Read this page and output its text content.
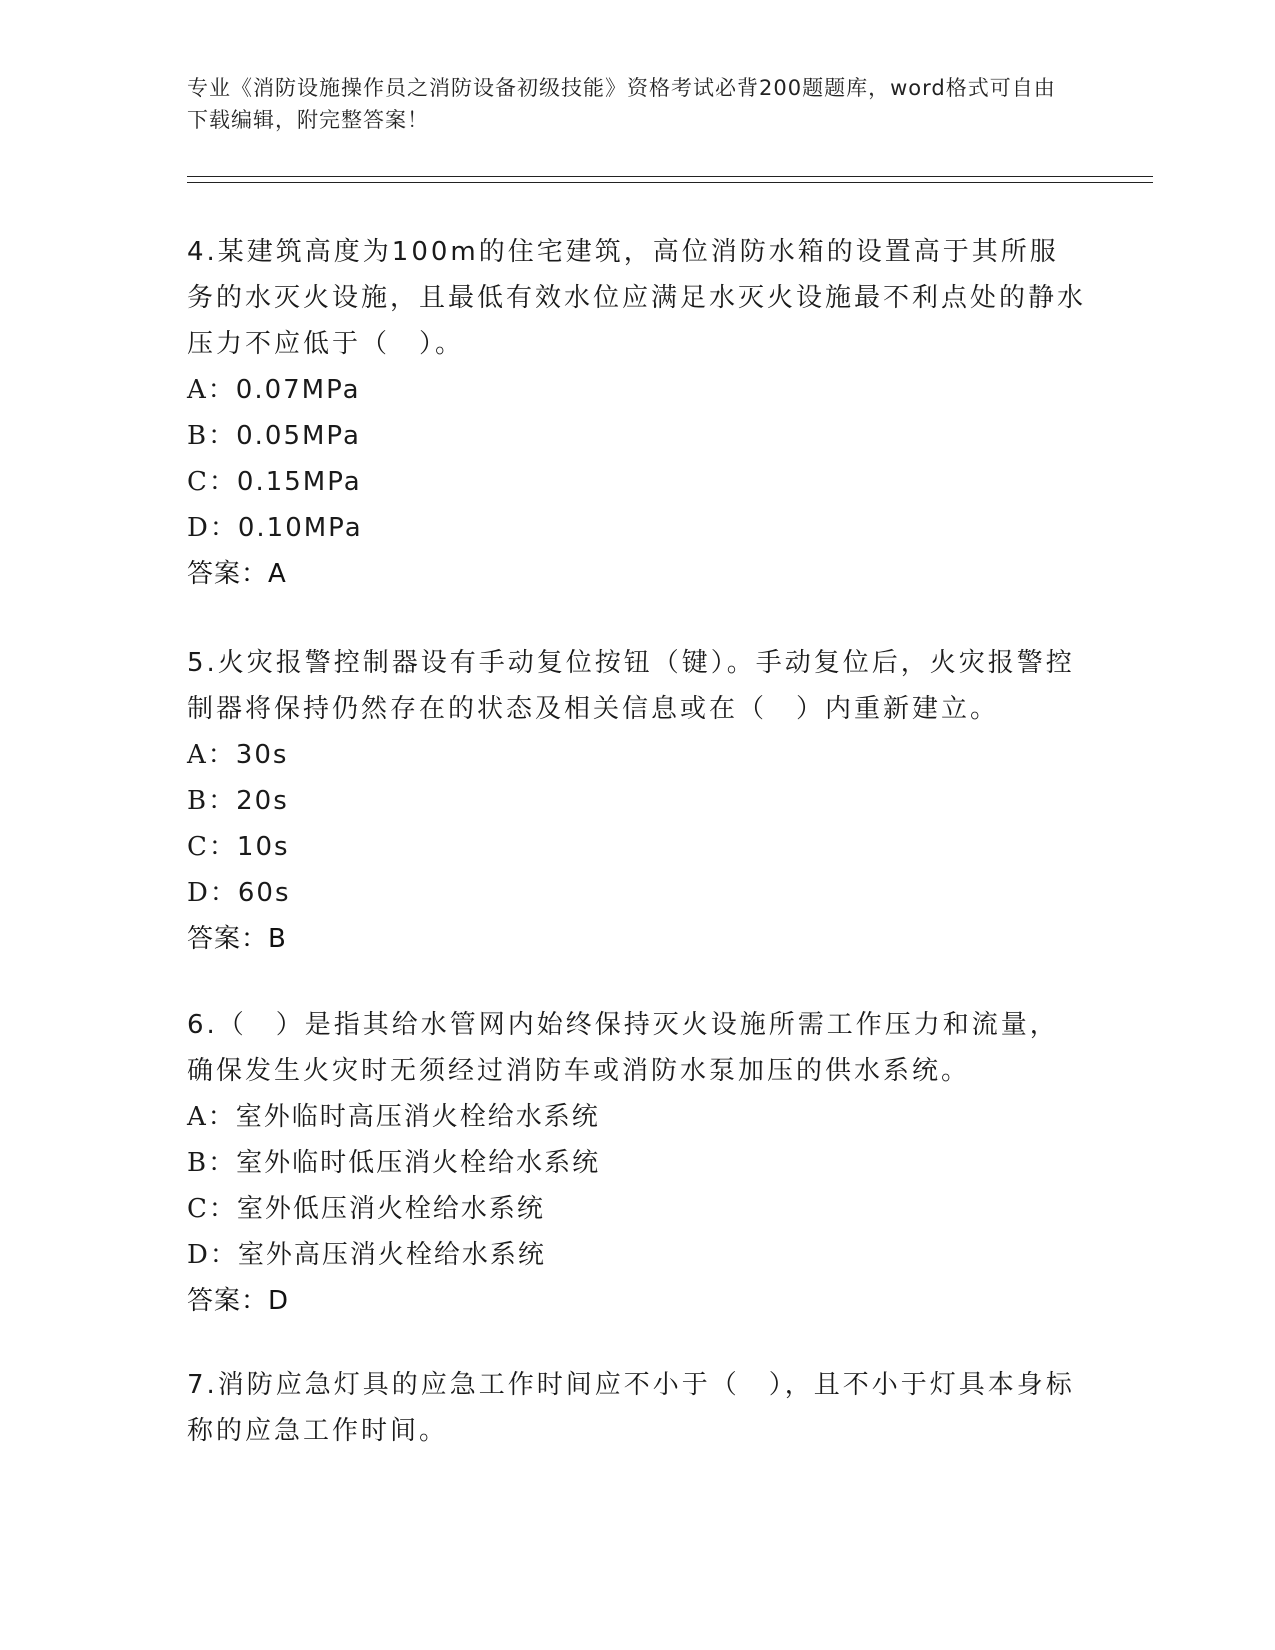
专业《消防设施操作员之消防设备初级技能》资格考试必背200题题库，word格式可自由下载编辑，附完整答案！

4.某建筑高度为100m的住宅建筑，高位消防水箱的设置高于其所服务的水灭火设施，且最低有效水位应满足水灭火设施最不利点处的静水压力不应低于（　）。

A：0.07MPa

B：0.05MPa

C：0.15MPa

D：0.10MPa

答案：A

5.火灾报警控制器设有手动复位按钮（键）。手动复位后，火灾报警控制器将保持仍然存在的状态及相关信息或在（　）内重新建立。

A：30s

B：20s

C：10s

D：60s

答案：B

6.（　）是指其给水管网内始终保持灭火设施所需工作压力和流量，确保发生火灾时无须经过消防车或消防水泵加压的供水系统。

A：室外临时高压消火栓给水系统

B：室外临时低压消火栓给水系统

C：室外低压消火栓给水系统

D：室外高压消火栓给水系统

答案：D

7.消防应急灯具的应急工作时间应不小于（　），且不小于灯具本身标称的应急工作时间。
